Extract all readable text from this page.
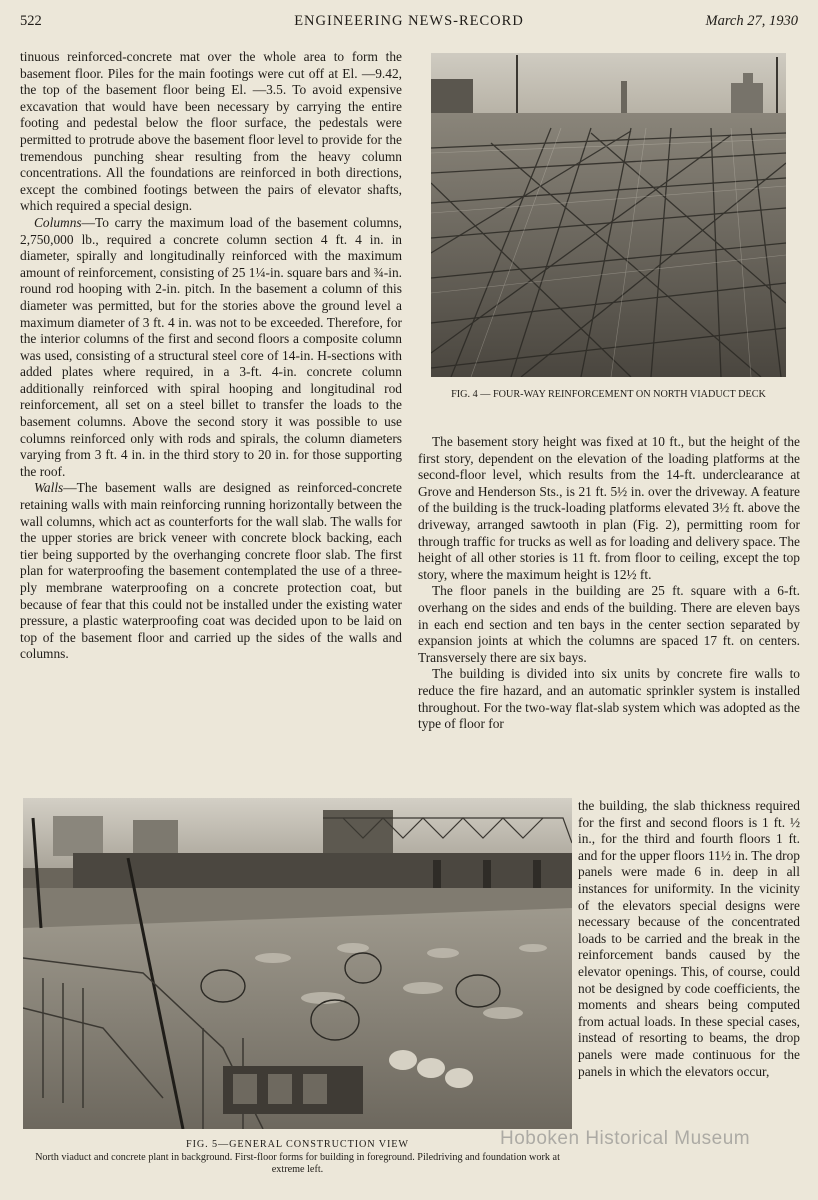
522	ENGINEERING NEWS-RECORD	March 27, 1930

tinuous reinforced-concrete mat over the whole area to form the basement floor. Piles for the main footings were cut off at El. —9.42, the top of the basement floor being El. —3.5. To avoid expensive excavation that would have been necessary by carrying the entire footing and pedestal below the floor surface, the pedestals were permitted to protrude above the basement floor level to provide for the tremendous punching shear resulting from the heavy column concentrations. All the foundations are reinforced in both directions, except the combined footings between the pairs of elevator shafts, which required a special design.

Columns—To carry the maximum load of the basement columns, 2,750,000 lb., required a concrete column section 4 ft. 4 in. in diameter, spirally and longitudinally reinforced with the maximum amount of reinforcement, consisting of 25 1¼-in. square bars and ¾-in. round rod hooping with 2-in. pitch. In the basement a column of this diameter was permitted, but for the stories above the ground level a maximum diameter of 3 ft. 4 in. was not to be exceeded. Therefore, for the interior columns of the first and second floors a composite column was used, consisting of a structural steel core of 14-in. H-sections with added plates where required, in a 3-ft. 4-in. concrete column additionally reinforced with spiral hooping and longitudinal rod reinforcement, all set on a steel billet to transfer the loads to the basement columns. Above the second story it was possible to use columns reinforced only with rods and spirals, the column diameters varying from 3 ft. 4 in. in the third story to 20 in. for those supporting the roof.

Walls—The basement walls are designed as reinforced-concrete retaining walls with main reinforcing running horizontally between the wall columns, which act as counterforts for the wall slab. The walls for the upper stories are brick veneer with concrete block backing, each tier being supported by the overhanging concrete floor slab. The first plan for waterproofing the basement contemplated the use of a three-ply membrane waterproofing on a concrete protection coat, but because of fear that this could not be installed under the existing water pressure, a plastic waterproofing coat was decided upon to be laid on top of the basement floor and carried up the sides of the walls and columns.

FIG. 4 — FOUR-WAY REINFORCEMENT ON NORTH VIADUCT DECK

The basement story height was fixed at 10 ft., but the height of the first story, dependent on the elevation of the loading platforms at the second-floor level, which results from the 14-ft. underclearance at Grove and Henderson Sts., is 21 ft. 5½ in. over the driveway. A feature of the building is the truck-loading platforms elevated 3½ ft. above the driveway, arranged sawtooth in plan (Fig. 2), permitting room for through traffic for trucks as well as for loading and delivery space. The height of all other stories is 11 ft. from floor to ceiling, except the top story, where the maximum height is 12½ ft.

The floor panels in the building are 25 ft. square with a 6-ft. overhang on the sides and ends of the building. There are eleven bays in each end section and ten bays in the center section separated by expansion joints at which the columns are spaced 17 ft. on centers. Transversely there are six bays.

The building is divided into six units by concrete fire walls to reduce the fire hazard, and an automatic sprinkler system is installed throughout. For the two-way flat-slab system which was adopted as the type of floor for

the building, the slab thickness required for the first and second floors is 1 ft. ½ in., for the third and fourth floors 1 ft. and for the upper floors 11½ in. The drop panels were made 6 in. deep in all instances for uniformity. In the vicinity of the elevators special designs were necessary because of the concentrated loads to be carried and the break in the reinforcement bands caused by the elevator openings. This, of course, could not be designed by code coefficients, the moments and shears being computed from actual loads. In these special cases, instead of resorting to beams, the drop panels were made continuous for the panels in which the elevators occur,

FIG. 5—GENERAL CONSTRUCTION VIEW
North viaduct and concrete plant in background. First-floor forms for building in foreground. Piledriving and foundation work at extreme left.
Hoboken Historical Museum
